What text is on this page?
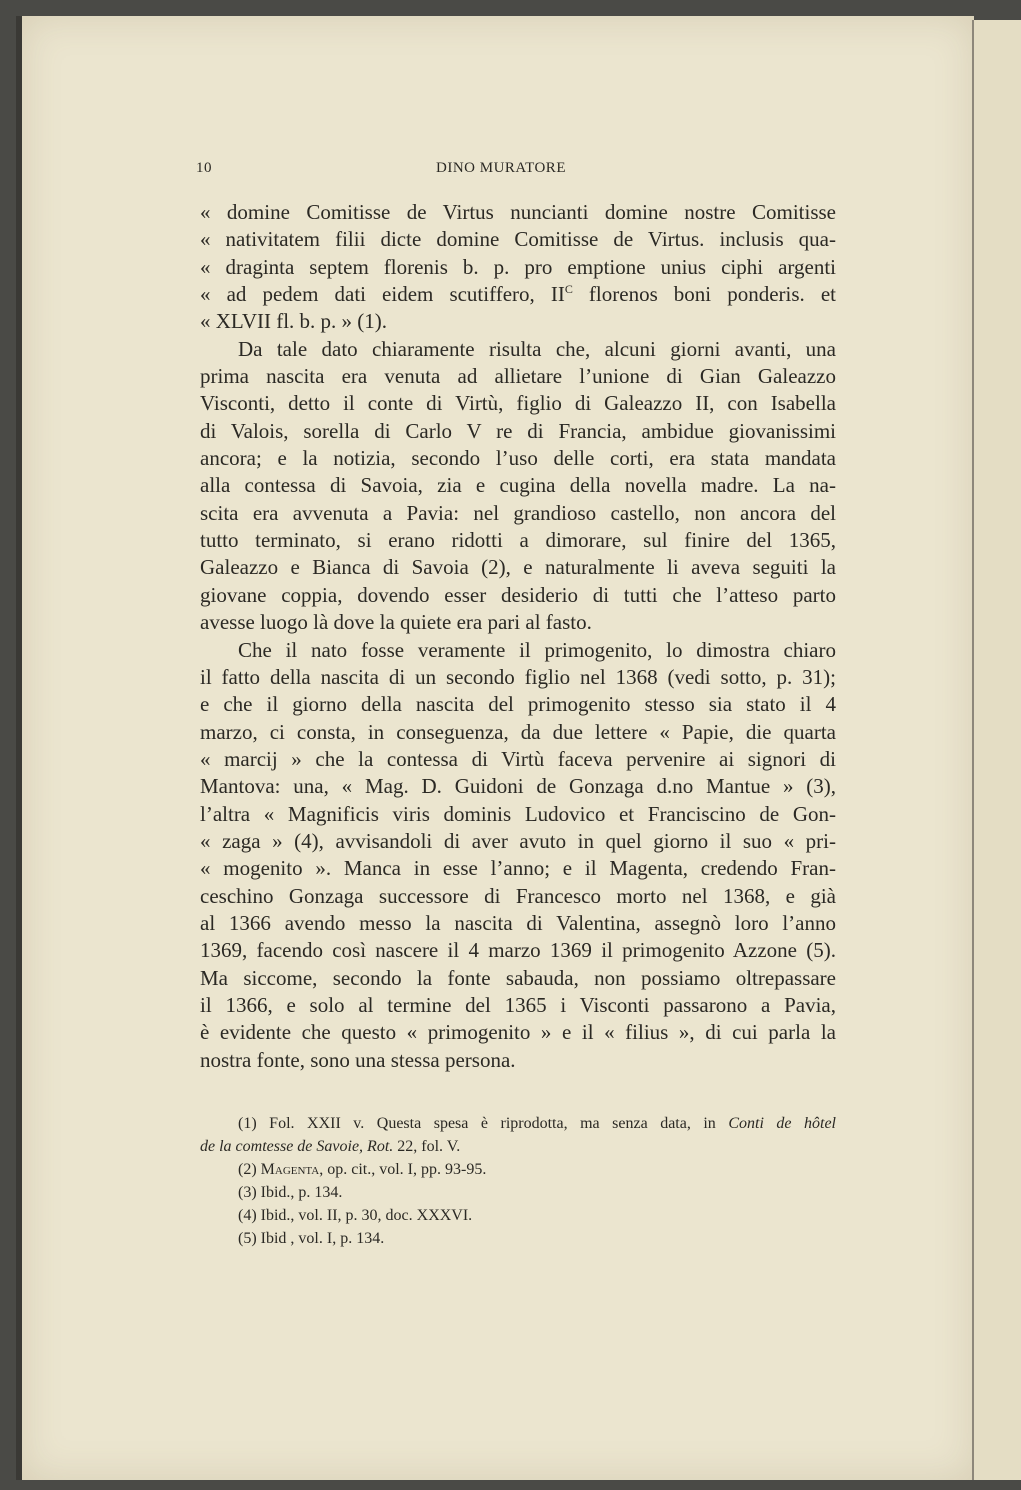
10	DINO MURATORE
« domine Comitisse de Virtus nuncianti domine nostre Comitisse
« nativitatem filii dicte domine Comitisse de Virtus. inclusis qua-
« draginta septem florenis b. p. pro emptione unius ciphi argenti
« ad pedem dati eidem scutiffero, $II^C$ florenos boni ponderis. et
« XLVII fl. b. p. » (1).
Da tale dato chiaramente risulta che, alcuni giorni avanti, una
prima nascita era venuta ad allietare l’unione di Gian Galeazzo
Visconti, detto il conte di Virtù, figlio di Galeazzo II, con Isabella
di Valois, sorella di Carlo V re di Francia, ambidue giovanissimi
ancora; e la notizia, secondo l’uso delle corti, era stata mandata
alla contessa di Savoia, zia e cugina della novella madre. La na-
scita era avvenuta a Pavia: nel grandioso castello, non ancora del
tutto terminato, si erano ridotti a dimorare, sul finire del 1365,
Galeazzo e Bianca di Savoia (2), e naturalmente li aveva seguiti la
giovane coppia, dovendo esser desiderio di tutti che l’atteso parto
avesse luogo là dove la quiete era pari al fasto.
Che il nato fosse veramente il primogenito, lo dimostra chiaro
il fatto della nascita di un secondo figlio nel 1368 (vedi sotto, p. 31);
e che il giorno della nascita del primogenito stesso sia stato il 4
marzo, ci consta, in conseguenza, da due lettere « Papie, die quarta
« marcij » che la contessa di Virtù faceva pervenire ai signori di
Mantova: una, « Mag. D. Guidoni de Gonzaga d.no Mantue » (3),
l’altra « Magnificis viris dominis Ludovico et Franciscino de Gon-
« zaga » (4), avvisandoli di aver avuto in quel giorno il suo « pri-
« mogenito ». Manca in esse l’anno; e il Magenta, credendo Fran-
ceschino Gonzaga successore di Francesco morto nel 1368, e già
al 1366 avendo messo la nascita di Valentina, assegnò loro l’anno
1369, facendo così nascere il 4 marzo 1369 il primogenito Azzone (5).
Ma siccome, secondo la fonte sabauda, non possiamo oltrepassare
il 1366, e solo al termine del 1365 i Visconti passarono a Pavia,
è evidente che questo « primogenito » e il « filius », di cui parla la
nostra fonte, sono una stessa persona.
(1) Fol. XXII v. Questa spesa è riprodotta, ma senza data, in Conti de hôtel
de la comtesse de Savoie, Rot. 22, fol. V.
(2) Magenta, op. cit., vol. I, pp. 93-95.
(3) Ibid., p. 134.
(4) Ibid., vol. II, p. 30, doc. XXXVI.
(5) Ibid , vol. I, p. 134.
